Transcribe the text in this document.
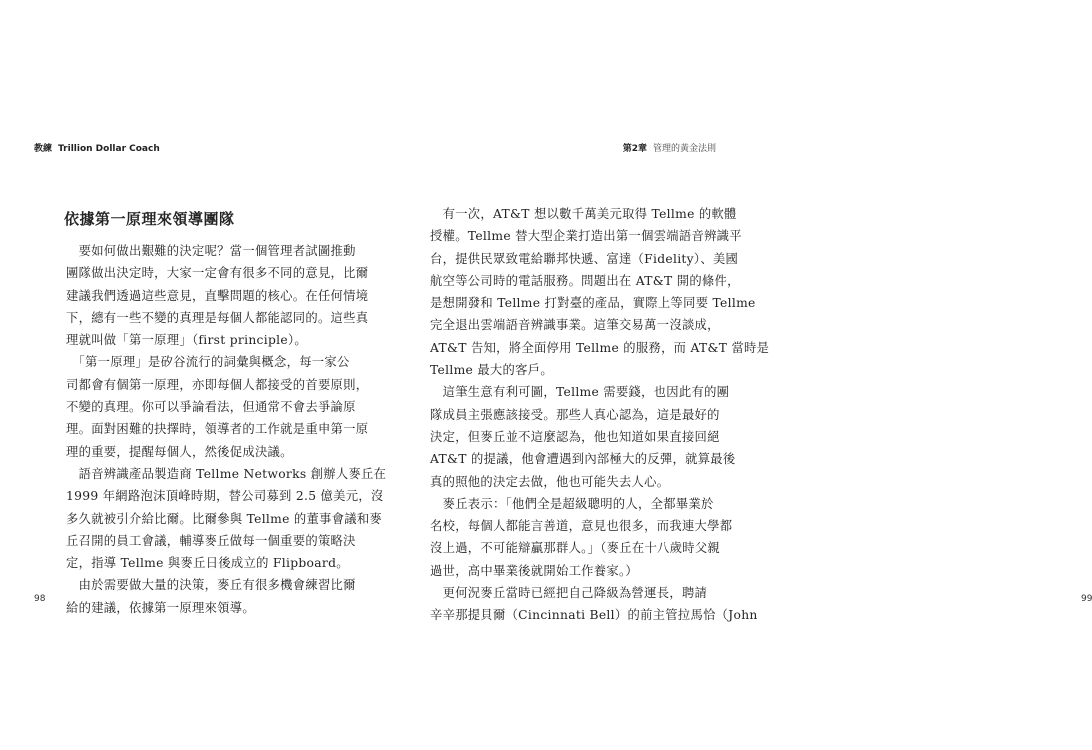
教練 Trillion Dollar Coach
依據第一原理來領導團隊
　要如何做出艱難的決定呢？當一個管理者試圖推動
團隊做出決定時，大家一定會有很多不同的意見，比爾
建議我們透過這些意見，直擊問題的核心。在任何情境
下，總有一些不變的真理是每個人都能認同的。這些真
理就叫做「第一原理」（first principle）。
　「第一原理」是矽谷流行的詞彙與概念，每一家公
司都會有個第一原理，亦即每個人都接受的首要原則，
不變的真理。你可以爭論看法，但通常不會去爭論原
理。面對困難的抉擇時，領導者的工作就是重申第一原
理的重要，提醒每個人，然後促成決議。
　語音辨識產品製造商 Tellme Networks 創辦人麥丘在
1999 年網路泡沫頂峰時期，替公司募到 2.5 億美元，沒
多久就被引介給比爾。比爾參與 Tellme 的董事會議和麥
丘召開的員工會議，輔導麥丘做每一個重要的策略決
定，指導 Tellme 與麥丘日後成立的 Flipboard。
　由於需要做大量的決策，麥丘有很多機會練習比爾
給的建議，依據第一原理來領導。
98
第2章 管理的黃金法則
99
　有一次，AT&T 想以數千萬美元取得 Tellme 的軟體
授權。Tellme 替大型企業打造出第一個雲端語音辨識平
台，提供民眾致電給聯邦快遞、富達（Fidelity）、美國
航空等公司時的電話服務。問題出在 AT&T 開的條件，
是想開發和 Tellme 打對臺的產品，實際上等同要 Tellme
完全退出雲端語音辨識事業。這筆交易萬一沒談成，
AT&T 告知，將全面停用 Tellme 的服務，而 AT&T 當時是
Tellme 最大的客戶。
　這筆生意有利可圖，Tellme 需要錢，也因此有的團
隊成員主張應該接受。那些人真心認為，這是最好的
決定，但麥丘並不這麼認為，他也知道如果直接回絕
AT&T 的提議，他會遭遇到內部極大的反彈，就算最後
真的照他的決定去做，他也可能失去人心。
　麥丘表示：「他們全是超級聰明的人，全都畢業於
名校，每個人都能言善道，意見也很多，而我連大學都
沒上過，不可能辯贏那群人。」（麥丘在十八歲時父親
過世，高中畢業後就開始工作養家。）
　更何況麥丘當時已經把自己降級為營運長，聘請
辛辛那提貝爾（Cincinnati Bell）的前主管拉馬恰（John
